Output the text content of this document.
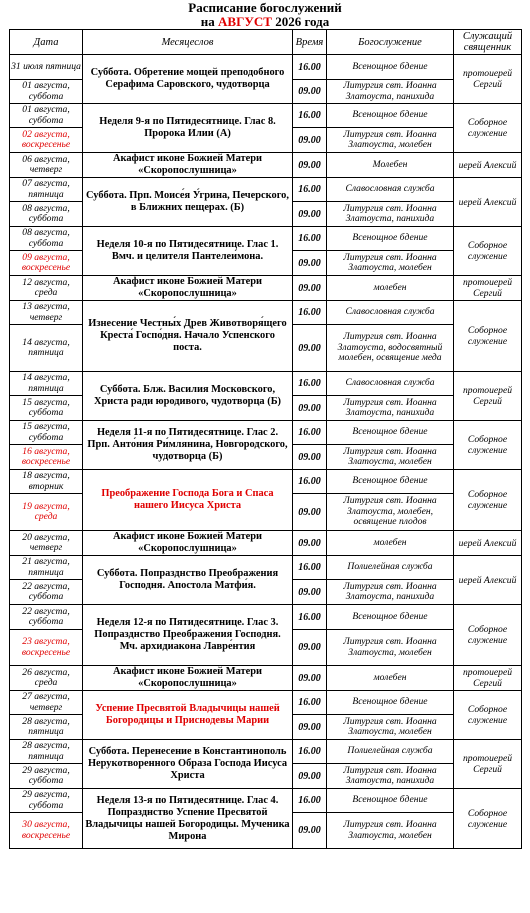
Расписание богослужений
на АВГУСТ 2026 года
Дата	Месяцеслов	Время	Богослужение	Служащий священник
31 июля пятница	Суббота. Обретение мощей преподобного Серафима Саровского, чудотворца	16.00	Всенощное бдение	протоиерей Сергий
01 августа, суббота		09.00	Литургия свт. Иоанна Златоуста, панихида	
01 августа, суббота	Неделя 9-я по Пятидесятнице. Глас 8. Пророка Илии (А)	16.00	Всенощное бдение	Соборное служение
02 августа, воскресенье		09.00	Литургия свт. Иоанна Златоуста, молебен	
06 августа, четверг	Акафист иконе Божией Матери «Скоропослушница»	09.00	Молебен	иерей Алексий
07 августа, пятница	Суббота. Прп. Моисе́я У́грина, Печерского, в Ближних пещерах. (Б)	16.00	Славословная служба	иерей Алексий
08 августа, суббота		09.00	Литургия свт. Иоанна Златоуста, панихида	
08 августа, суббота	Неделя 10-я по Пятидесятнице. Глас 1. Вмч. и целителя Пантелеи́мона.	16.00	Всенощное бдение	Соборное служение
09 августа, воскресенье		09.00	Литургия свт. Иоанна Златоуста, молебен	
12 августа, среда	Акафист иконе Божией Матери «Скоропослушница»	09.00	молебен	протоиерей Сергий
13 августа, четверг	Изнесение Честны́х Древ Животворя́щего Креста́ Госпо́дня. Начало Успенского поста.	16.00	Славословная служба	Соборное служение
14 августа, пятница		09.00	Литургия свт. Иоанна Златоуста, водосвятный молебен, освящение меда	
14 августа, пятница	Суббота. Блж. Василия Московского, Христа ради юродивого, чудотворца (Б)	16.00	Славословная служба	протоиерей Сергий
15 августа, суббота		09.00	Литургия свт. Иоанна Златоуста, панихида	
15 августа, суббота	Неделя 11-я по Пятидесятнице. Глас 2. Прп. Анто́ния Ри́млянина, Новгородского, чудотворца (Б)	16.00	Всенощное бдение	Соборное служение
16 августа, воскресенье		09.00	Литургия свт. Иоанна Златоуста, молебен	
18 августа, вторник	Преображение Господа Бога и Спаса нашего Иисуса Христа	16.00	Всенощное бдение	Соборное служение
19 августа, среда		09.00	Литургия свт. Иоанна Златоуста, молебен, освящение плодов	
20 августа, четверг	Акафист иконе Божией Матери «Скоропослушница»	09.00	молебен	иерей Алексий
21 августа, пятница	Суббота. Попразднство Преображения Господня. Апостола Матфи́я.	16.00	Полиелейная служба	иерей Алексий
22 августа, суббота		09.00	Литургия свт. Иоанна Златоуста, панихида	
22 августа, суббота	Неделя 12-я по Пятидесятнице. Глас 3. Попразднство Преображения Господня. Мч. архидиакона Лавре́нтия	16.00	Всенощное бдение	Соборное служение
23 августа, воскресенье		09.00	Литургия свт. Иоанна Златоуста, молебен	
26 августа, среда	Акафист иконе Божией Матери «Скоропослушница»	09.00	молебен	протоиерей Сергий
27 августа, четверг	Успение Пресвятой Владычицы нашей Богородицы и Приснодевы Марии	16.00	Всенощное бдение	Соборное служение
28 августа, пятница		09.00	Литургия свт. Иоанна Златоуста, молебен	
28 августа, пятница	Суббота. Перенесение в Константинополь Нерукотворенного Образа Господа Иисуса Христа	16.00	Полиелейная служба	протоиерей Сергий
29 августа, суббота		09.00	Литургия свт. Иоанна Златоуста, панихида	
29 августа, суббота	Неделя 13-я по Пятидесятнице. Глас 4. Попразднство Успение Пресвятой Владычицы нашей Богородицы. Мученика Мирона	16.00	Всенощное бдение	Соборное служение
30 августа, воскресенье		09.00	Литургия свт. Иоанна Златоуста, молебен	
